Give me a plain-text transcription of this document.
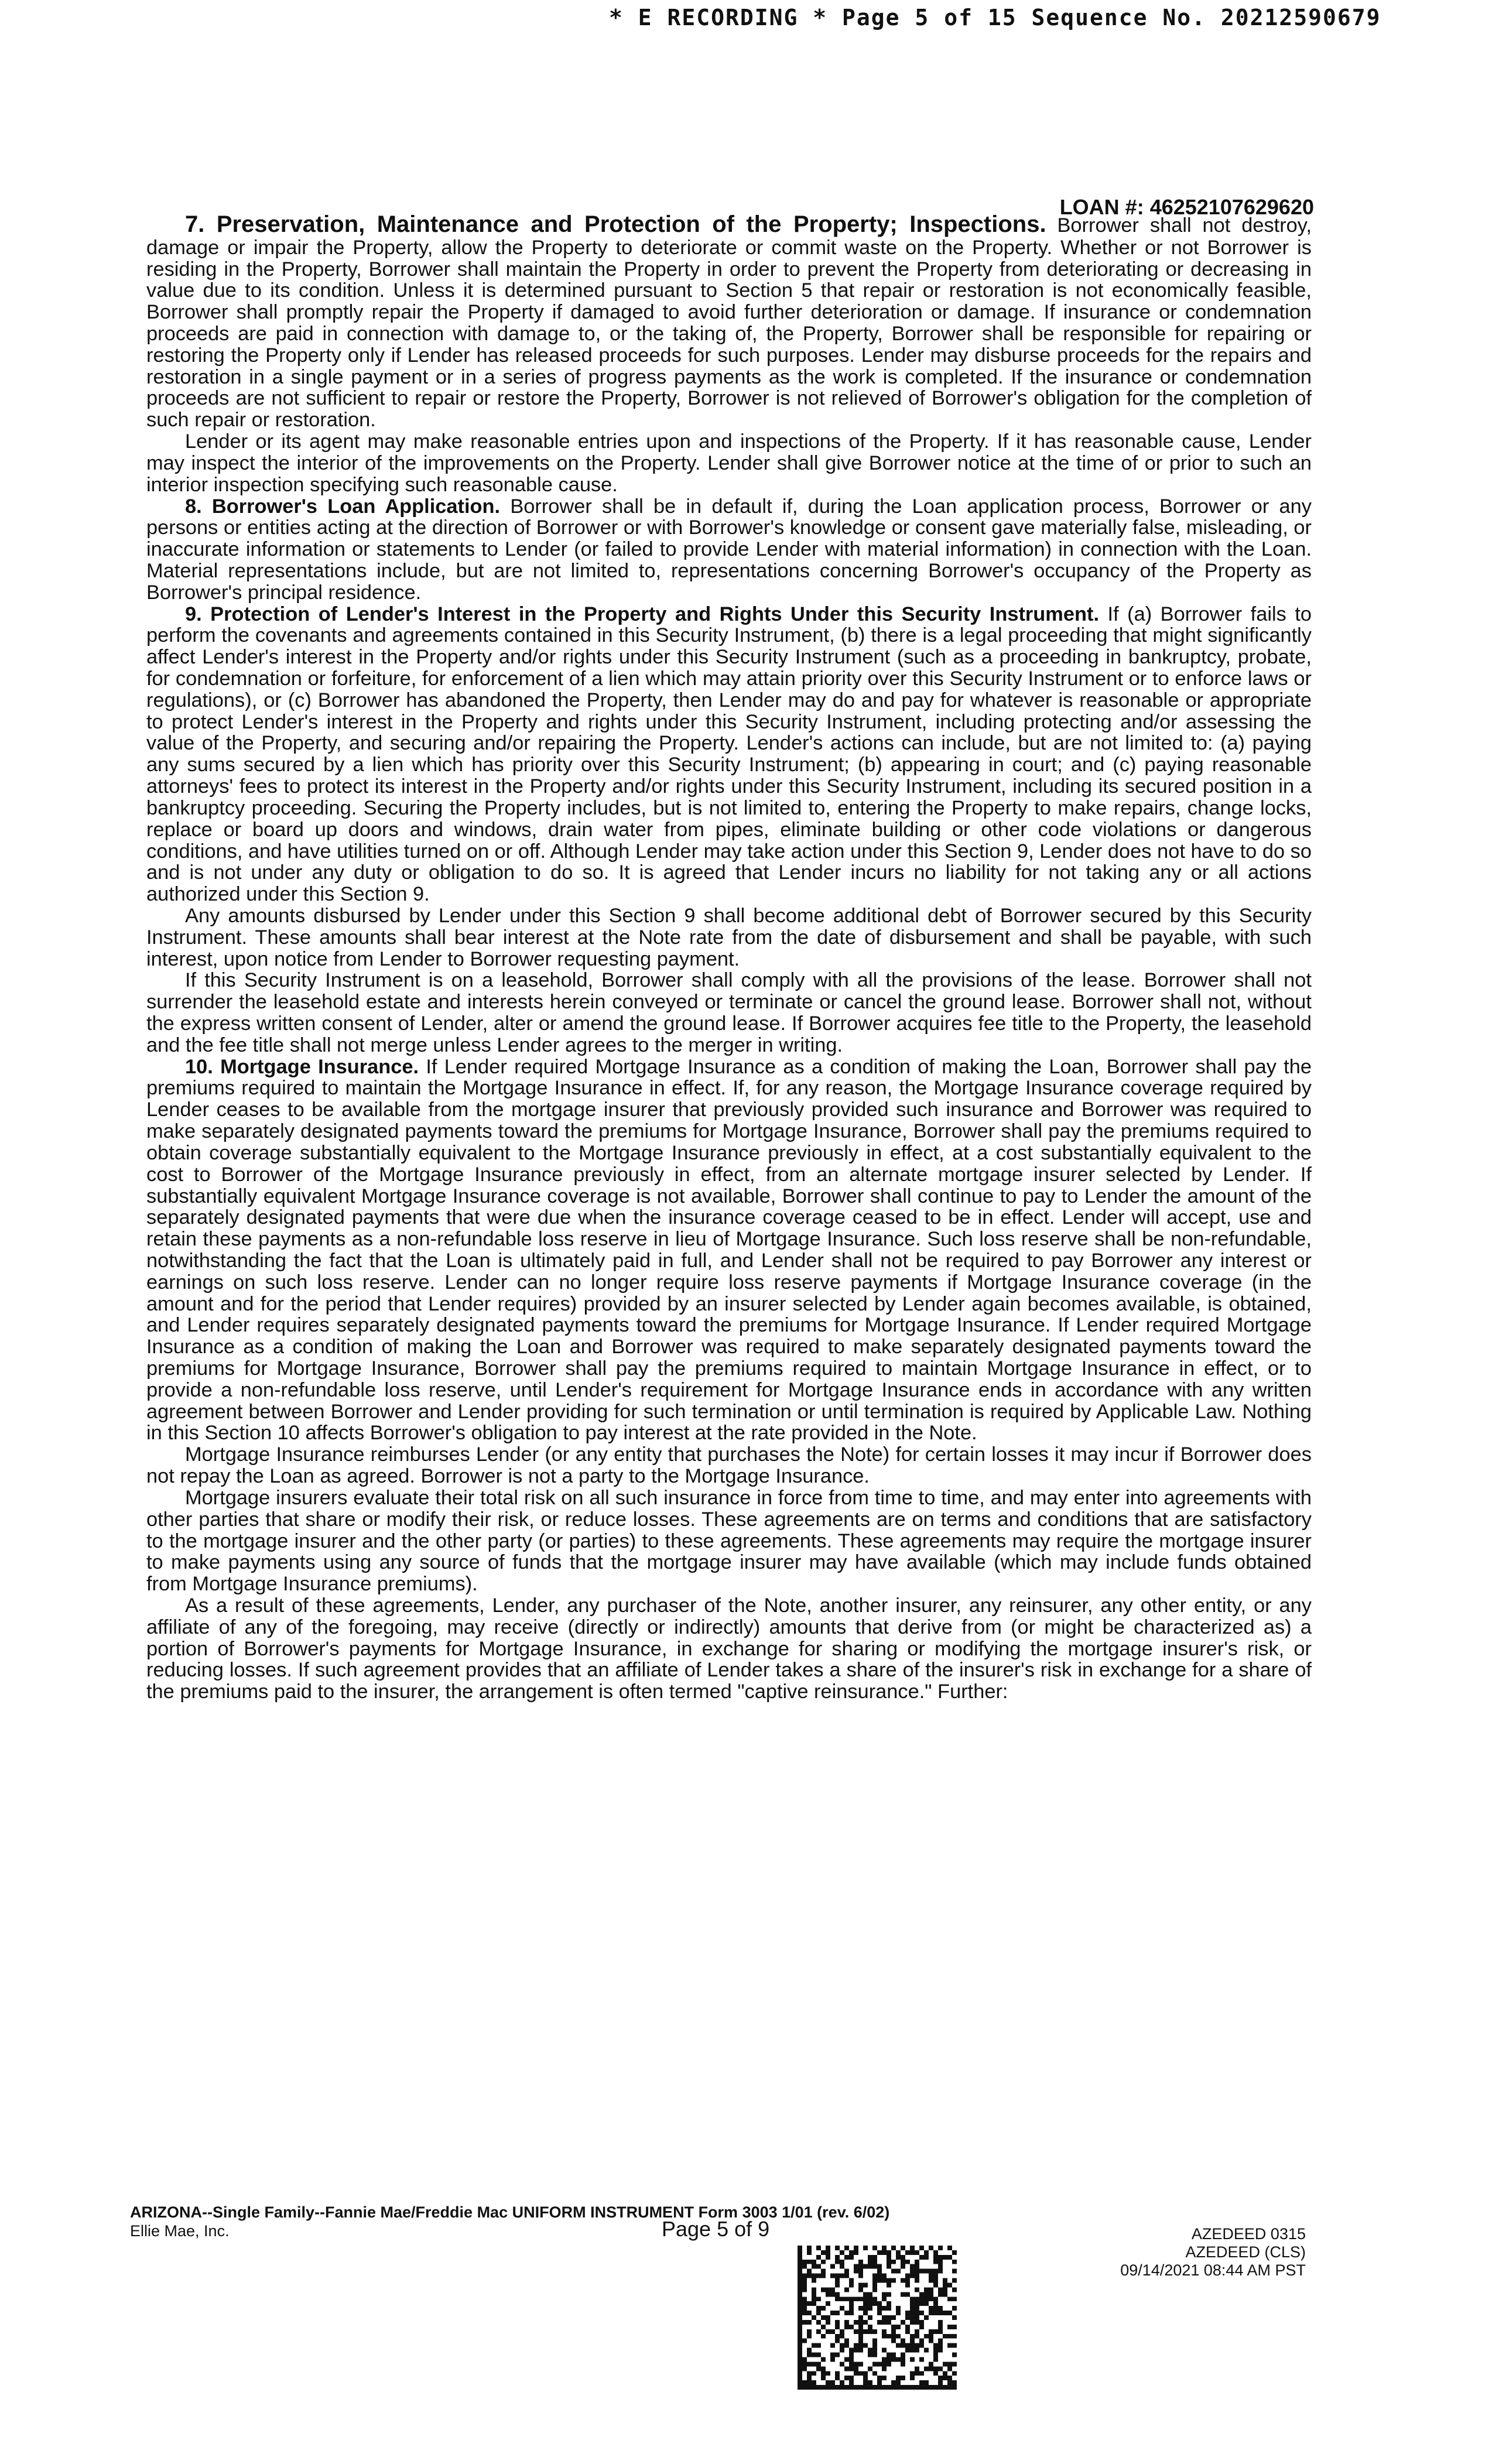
* E RECORDING * Page 5 of 15 Sequence No. 20212590679
LOAN #: 46252107629620

7. Preservation, Maintenance and Protection of the Property; Inspections. Borrower shall not destroy, damage or impair the Property, allow the Property to deteriorate or commit waste on the Property. Whether or not Borrower is residing in the Property, Borrower shall maintain the Property in order to prevent the Property from deteriorating or decreasing in value due to its condition. Unless it is determined pursuant to Section 5 that repair or restoration is not economically feasible, Borrower shall promptly repair the Property if damaged to avoid further deterioration or damage. If insurance or condemnation proceeds are paid in connection with damage to, or the taking of, the Property, Borrower shall be responsible for repairing or restoring the Property only if Lender has released proceeds for such purposes. Lender may disburse proceeds for the repairs and restoration in a single payment or in a series of progress payments as the work is completed. If the insurance or condemnation proceeds are not sufficient to repair or restore the Property, Borrower is not relieved of Borrower's obligation for the completion of such repair or restoration.

Lender or its agent may make reasonable entries upon and inspections of the Property. If it has reasonable cause, Lender may inspect the interior of the improvements on the Property. Lender shall give Borrower notice at the time of or prior to such an interior inspection specifying such reasonable cause.

8. Borrower's Loan Application. Borrower shall be in default if, during the Loan application process, Borrower or any persons or entities acting at the direction of Borrower or with Borrower's knowledge or consent gave materially false, misleading, or inaccurate information or statements to Lender (or failed to provide Lender with material information) in connection with the Loan. Material representations include, but are not limited to, representations concerning Borrower's occupancy of the Property as Borrower's principal residence.

9. Protection of Lender's Interest in the Property and Rights Under this Security Instrument. If (a) Borrower fails to perform the covenants and agreements contained in this Security Instrument, (b) there is a legal proceeding that might significantly affect Lender's interest in the Property and/or rights under this Security Instrument (such as a proceeding in bankruptcy, probate, for condemnation or forfeiture, for enforcement of a lien which may attain priority over this Security Instrument or to enforce laws or regulations), or (c) Borrower has abandoned the Property, then Lender may do and pay for whatever is reasonable or appropriate to protect Lender's interest in the Property and rights under this Security Instrument, including protecting and/or assessing the value of the Property, and securing and/or repairing the Property. Lender's actions can include, but are not limited to: (a) paying any sums secured by a lien which has priority over this Security Instrument; (b) appearing in court; and (c) paying reasonable attorneys' fees to protect its interest in the Property and/or rights under this Security Instrument, including its secured position in a bankruptcy proceeding. Securing the Property includes, but is not limited to, entering the Property to make repairs, change locks, replace or board up doors and windows, drain water from pipes, eliminate building or other code violations or dangerous conditions, and have utilities turned on or off. Although Lender may take action under this Section 9, Lender does not have to do so and is not under any duty or obligation to do so. It is agreed that Lender incurs no liability for not taking any or all actions authorized under this Section 9.

Any amounts disbursed by Lender under this Section 9 shall become additional debt of Borrower secured by this Security Instrument. These amounts shall bear interest at the Note rate from the date of disbursement and shall be payable, with such interest, upon notice from Lender to Borrower requesting payment.

If this Security Instrument is on a leasehold, Borrower shall comply with all the provisions of the lease. Borrower shall not surrender the leasehold estate and interests herein conveyed or terminate or cancel the ground lease. Borrower shall not, without the express written consent of Lender, alter or amend the ground lease. If Borrower acquires fee title to the Property, the leasehold and the fee title shall not merge unless Lender agrees to the merger in writing.

10. Mortgage Insurance. If Lender required Mortgage Insurance as a condition of making the Loan, Borrower shall pay the premiums required to maintain the Mortgage Insurance in effect. If, for any reason, the Mortgage Insurance coverage required by Lender ceases to be available from the mortgage insurer that previously provided such insurance and Borrower was required to make separately designated payments toward the premiums for Mortgage Insurance, Borrower shall pay the premiums required to obtain coverage substantially equivalent to the Mortgage Insurance previously in effect, at a cost substantially equivalent to the cost to Borrower of the Mortgage Insurance previously in effect, from an alternate mortgage insurer selected by Lender. If substantially equivalent Mortgage Insurance coverage is not available, Borrower shall continue to pay to Lender the amount of the separately designated payments that were due when the insurance coverage ceased to be in effect. Lender will accept, use and retain these payments as a non-refundable loss reserve in lieu of Mortgage Insurance. Such loss reserve shall be non-refundable, notwithstanding the fact that the Loan is ultimately paid in full, and Lender shall not be required to pay Borrower any interest or earnings on such loss reserve. Lender can no longer require loss reserve payments if Mortgage Insurance coverage (in the amount and for the period that Lender requires) provided by an insurer selected by Lender again becomes available, is obtained, and Lender requires separately designated payments toward the premiums for Mortgage Insurance. If Lender required Mortgage Insurance as a condition of making the Loan and Borrower was required to make separately designated payments toward the premiums for Mortgage Insurance, Borrower shall pay the premiums required to maintain Mortgage Insurance in effect, or to provide a non-refundable loss reserve, until Lender's requirement for Mortgage Insurance ends in accordance with any written agreement between Borrower and Lender providing for such termination or until termination is required by Applicable Law. Nothing in this Section 10 affects Borrower's obligation to pay interest at the rate provided in the Note.

Mortgage Insurance reimburses Lender (or any entity that purchases the Note) for certain losses it may incur if Borrower does not repay the Loan as agreed. Borrower is not a party to the Mortgage Insurance.

Mortgage insurers evaluate their total risk on all such insurance in force from time to time, and may enter into agreements with other parties that share or modify their risk, or reduce losses. These agreements are on terms and conditions that are satisfactory to the mortgage insurer and the other party (or parties) to these agreements. These agreements may require the mortgage insurer to make payments using any source of funds that the mortgage insurer may have available (which may include funds obtained from Mortgage Insurance premiums).

As a result of these agreements, Lender, any purchaser of the Note, another insurer, any reinsurer, any other entity, or any affiliate of any of the foregoing, may receive (directly or indirectly) amounts that derive from (or might be characterized as) a portion of Borrower's payments for Mortgage Insurance, in exchange for sharing or modifying the mortgage insurer's risk, or reducing losses. If such agreement provides that an affiliate of Lender takes a share of the insurer's risk in exchange for a share of the premiums paid to the insurer, the arrangement is often termed "captive reinsurance." Further:

ARIZONA--Single Family--Fannie Mae/Freddie Mac UNIFORM INSTRUMENT Form 3003 1/01 (rev. 6/02)
Ellie Mae, Inc.	Page 5 of 9	AZEDEED 0315
AZEDEED (CLS)
09/14/2021 08:44 AM PST
